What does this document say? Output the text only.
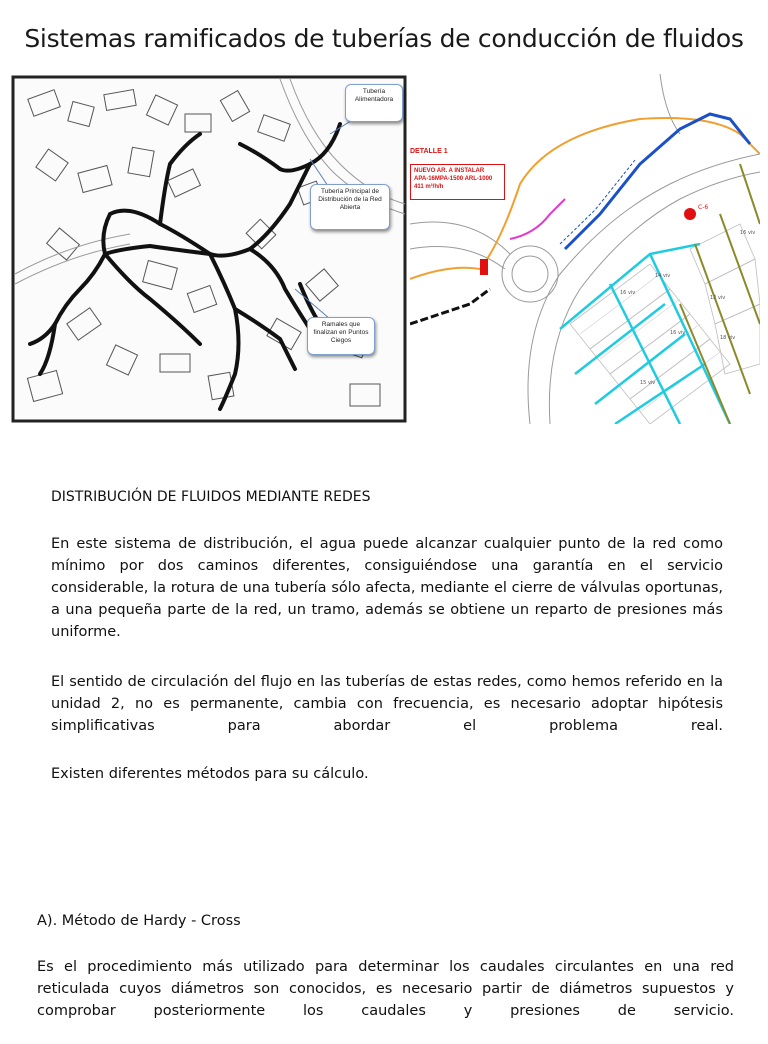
Sistemas ramificados de tuberías de conducción de fluidos
Tubería Alimentadora
Tubería Principal de Distribución de la Red Abierta
Ramales que finalizan en Puntos Ciegos
16 viv
14 viv
16 viv
12 viv
18 viv
15 viv
16 viv
C-6
DETALLE 1
NUEVO AR. A INSTALAR
APA-16MPA-1500 ARL-1000
411 m³/h/h
DISTRIBUCIÓN DE FLUIDOS MEDIANTE REDES
En este sistema de distribución, el agua puede alcanzar cualquier punto de la red como mínimo por dos caminos diferentes, consiguiéndose una garantía en el servicio considerable, la rotura de una tubería sólo afecta, mediante el cierre de válvulas oportunas, a una pequeña parte de la red, un tramo, además se obtiene un reparto de presiones más uniforme.
El sentido de circulación del flujo en las tuberías de estas redes, como hemos referido en la unidad 2, no es permanente, cambia con frecuencia, es necesario adoptar hipótesis simplificativas para abordar el problema real.
Existen diferentes métodos para su cálculo.
A). Método de Hardy - Cross
Es el procedimiento más utilizado para determinar los caudales circulantes en una red reticulada cuyos diámetros son conocidos, es necesario partir de diámetros supuestos y comprobar posteriormente los caudales y presiones de servicio.
